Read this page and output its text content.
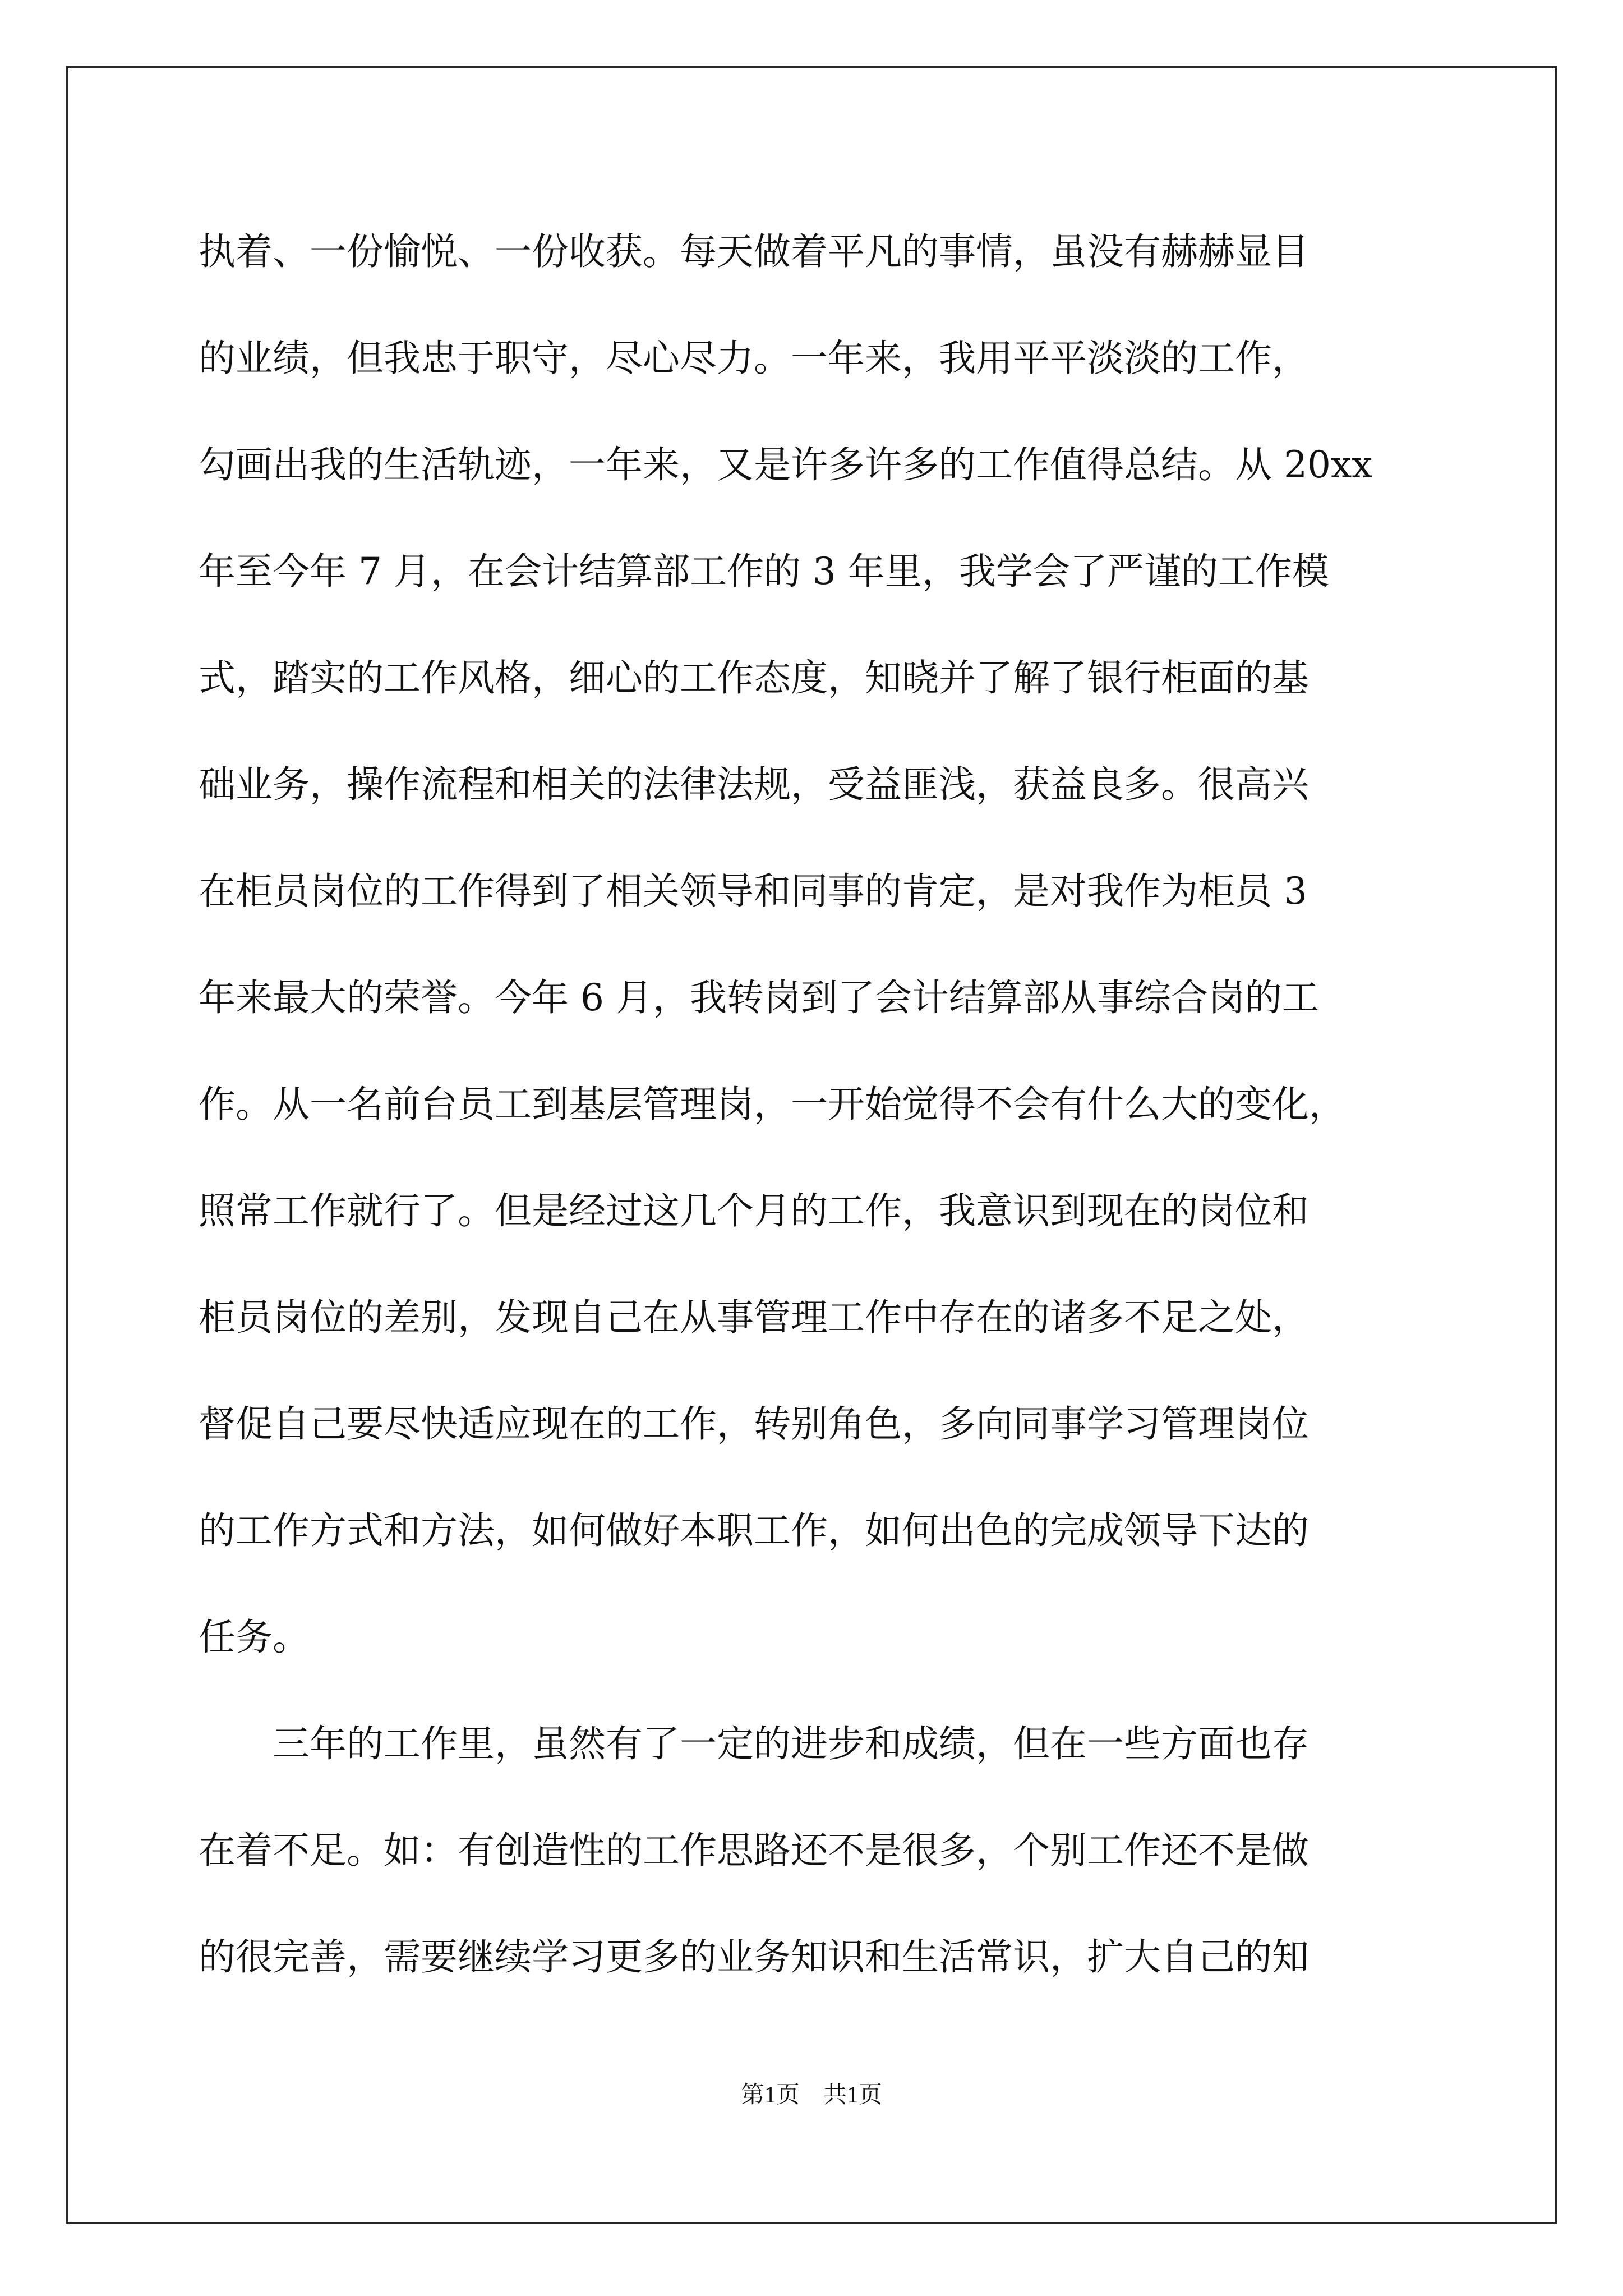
执着、一份愉悦、一份收获。每天做着平凡的事情，虽没有赫赫显目
的业绩，但我忠于职守，尽心尽力。一年来，我用平平淡淡的工作，
勾画出我的生活轨迹，一年来，又是许多许多的工作值得总结。从 20xx
年至今年 7 月，在会计结算部工作的 3 年里，我学会了严谨的工作模
式，踏实的工作风格，细心的工作态度，知晓并了解了银行柜面的基
础业务，操作流程和相关的法律法规，受益匪浅，获益良多。很高兴
在柜员岗位的工作得到了相关领导和同事的肯定，是对我作为柜员 3
年来最大的荣誉。今年 6 月，我转岗到了会计结算部从事综合岗的工
作。从一名前台员工到基层管理岗，一开始觉得不会有什么大的变化，
照常工作就行了。但是经过这几个月的工作，我意识到现在的岗位和
柜员岗位的差别，发现自己在从事管理工作中存在的诸多不足之处，
督促自己要尽快适应现在的工作，转别角色，多向同事学习管理岗位
的工作方式和方法，如何做好本职工作，如何出色的完成领导下达的
任务。
　　三年的工作里，虽然有了一定的进步和成绩，但在一些方面也存
在着不足。如：有创造性的工作思路还不是很多，个别工作还不是做
的很完善，需要继续学习更多的业务知识和生活常识，扩大自己的知
第1页　共1页
